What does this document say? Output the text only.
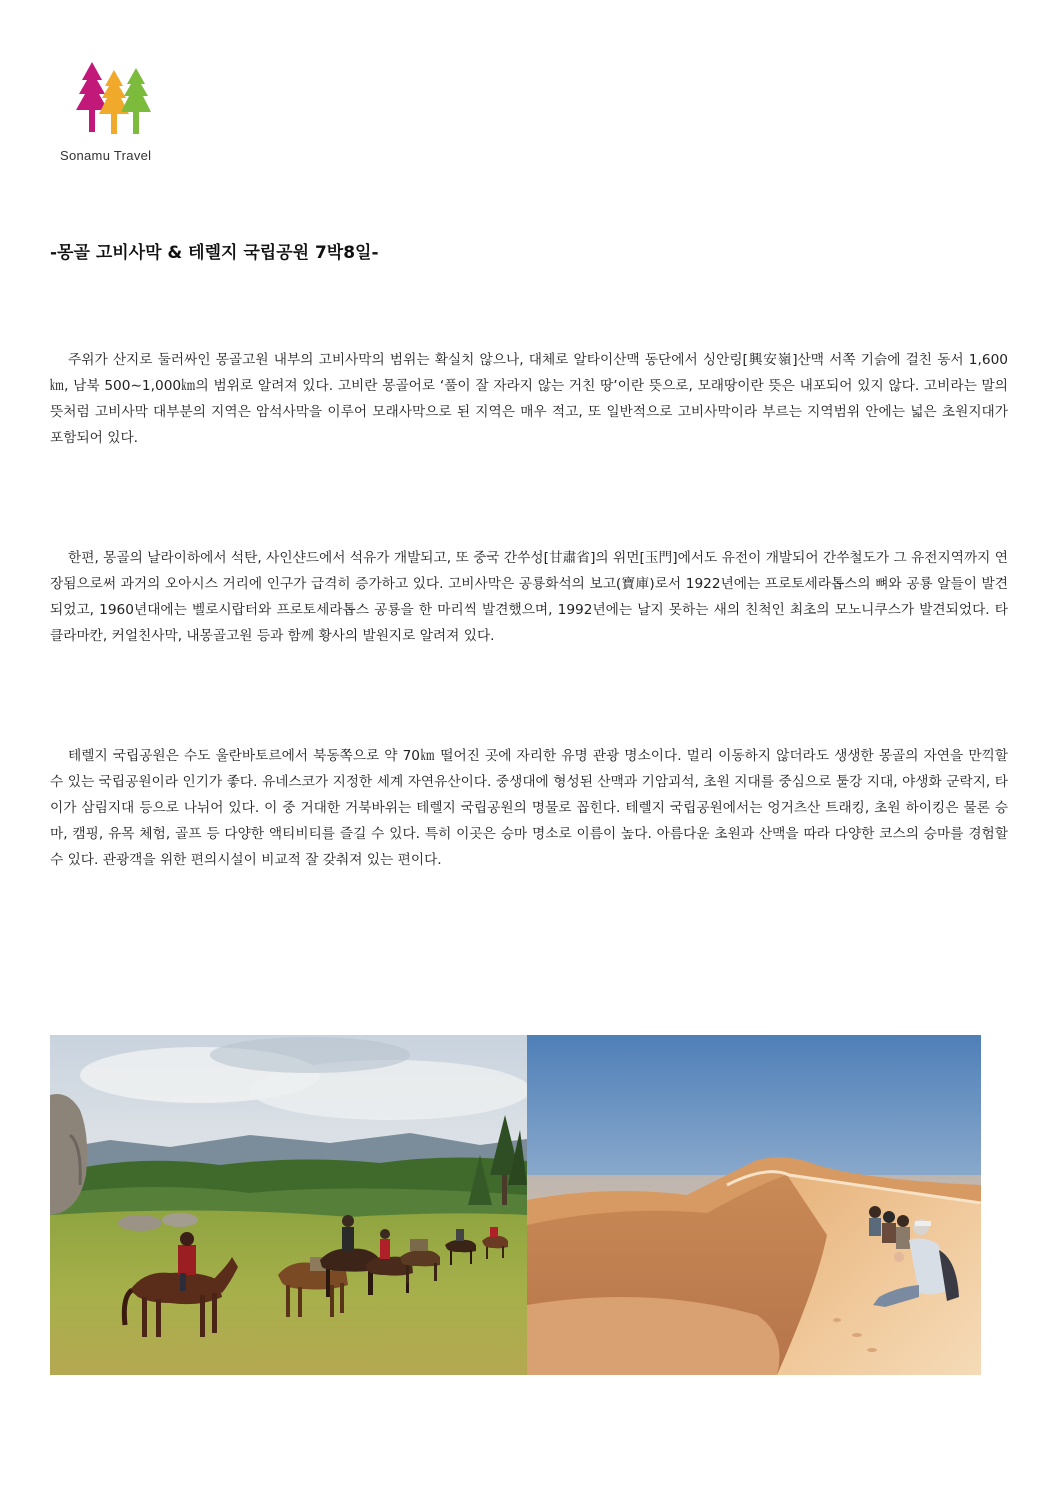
Sonamu Travel
-몽골 고비사막 & 테렐지 국립공원 7박8일-

주위가 산지로 둘러싸인 몽골고원 내부의 고비사막의 범위는 확실치 않으나, 대체로 알타이산맥 동단에서 싱안링[興安嶺]산맥 서쪽 기슭에 걸친 동서 1,600㎞, 남북 500∼1,000㎞의 범위로 알려져 있다. 고비란 몽골어로 ‘풀이 잘 자라지 않는 거친 땅’이란 뜻으로, 모래땅이란 뜻은 내포되어 있지 않다. 고비라는 말의 뜻처럼 고비사막 대부분의 지역은 암석사막을 이루어 모래사막으로 된 지역은 매우 적고, 또 일반적으로 고비사막이라 부르는 지역범위 안에는 넓은 초원지대가 포함되어 있다.

한편, 몽골의 날라이하에서 석탄, 사인샨드에서 석유가 개발되고, 또 중국 간쑤성[甘肅省]의 위먼[玉門]에서도 유전이 개발되어 간쑤철도가 그 유전지역까지 연장됨으로써 과거의 오아시스 거리에 인구가 급격히 증가하고 있다. 고비사막은 공룡화석의 보고(寶庫)로서 1922년에는 프로토세라톱스의 뼈와 공룡 알들이 발견되었고, 1960년대에는 벨로시랍터와 프로토세라톱스 공룡을 한 마리씩 발견했으며, 1992년에는 날지 못하는 새의 친척인 최초의 모노니쿠스가 발견되었다. 타클라마칸, 커얼친사막, 내몽골고원 등과 함께 황사의 발원지로 알려져 있다.

테렐지 국립공원은 수도 울란바토르에서 북동쪽으로 약 70㎞ 떨어진 곳에 자리한 유명 관광 명소이다. 멀리 이동하지 않더라도 생생한 몽골의 자연을 만끽할 수 있는 국립공원이라 인기가 좋다. 유네스코가 지정한 세계 자연유산이다. 중생대에 형성된 산맥과 기암괴석, 초원 지대를 중심으로 툴강 지대, 야생화 군락지, 타이가 삼림지대 등으로 나뉘어 있다. 이 중 거대한 거북바위는 테렐지 국립공원의 명물로 꼽힌다. 테렐지 국립공원에서는 엉거츠산 트래킹, 초원 하이킹은 물론 승마, 캠핑, 유목 체험, 골프 등 다양한 액티비티를 즐길 수 있다. 특히 이곳은 승마 명소로 이름이 높다. 아름다운 초원과 산맥을 따라 다양한 코스의 승마를 경험할 수 있다. 관광객을 위한 편의시설이 비교적 잘 갖춰져 있는 편이다.
